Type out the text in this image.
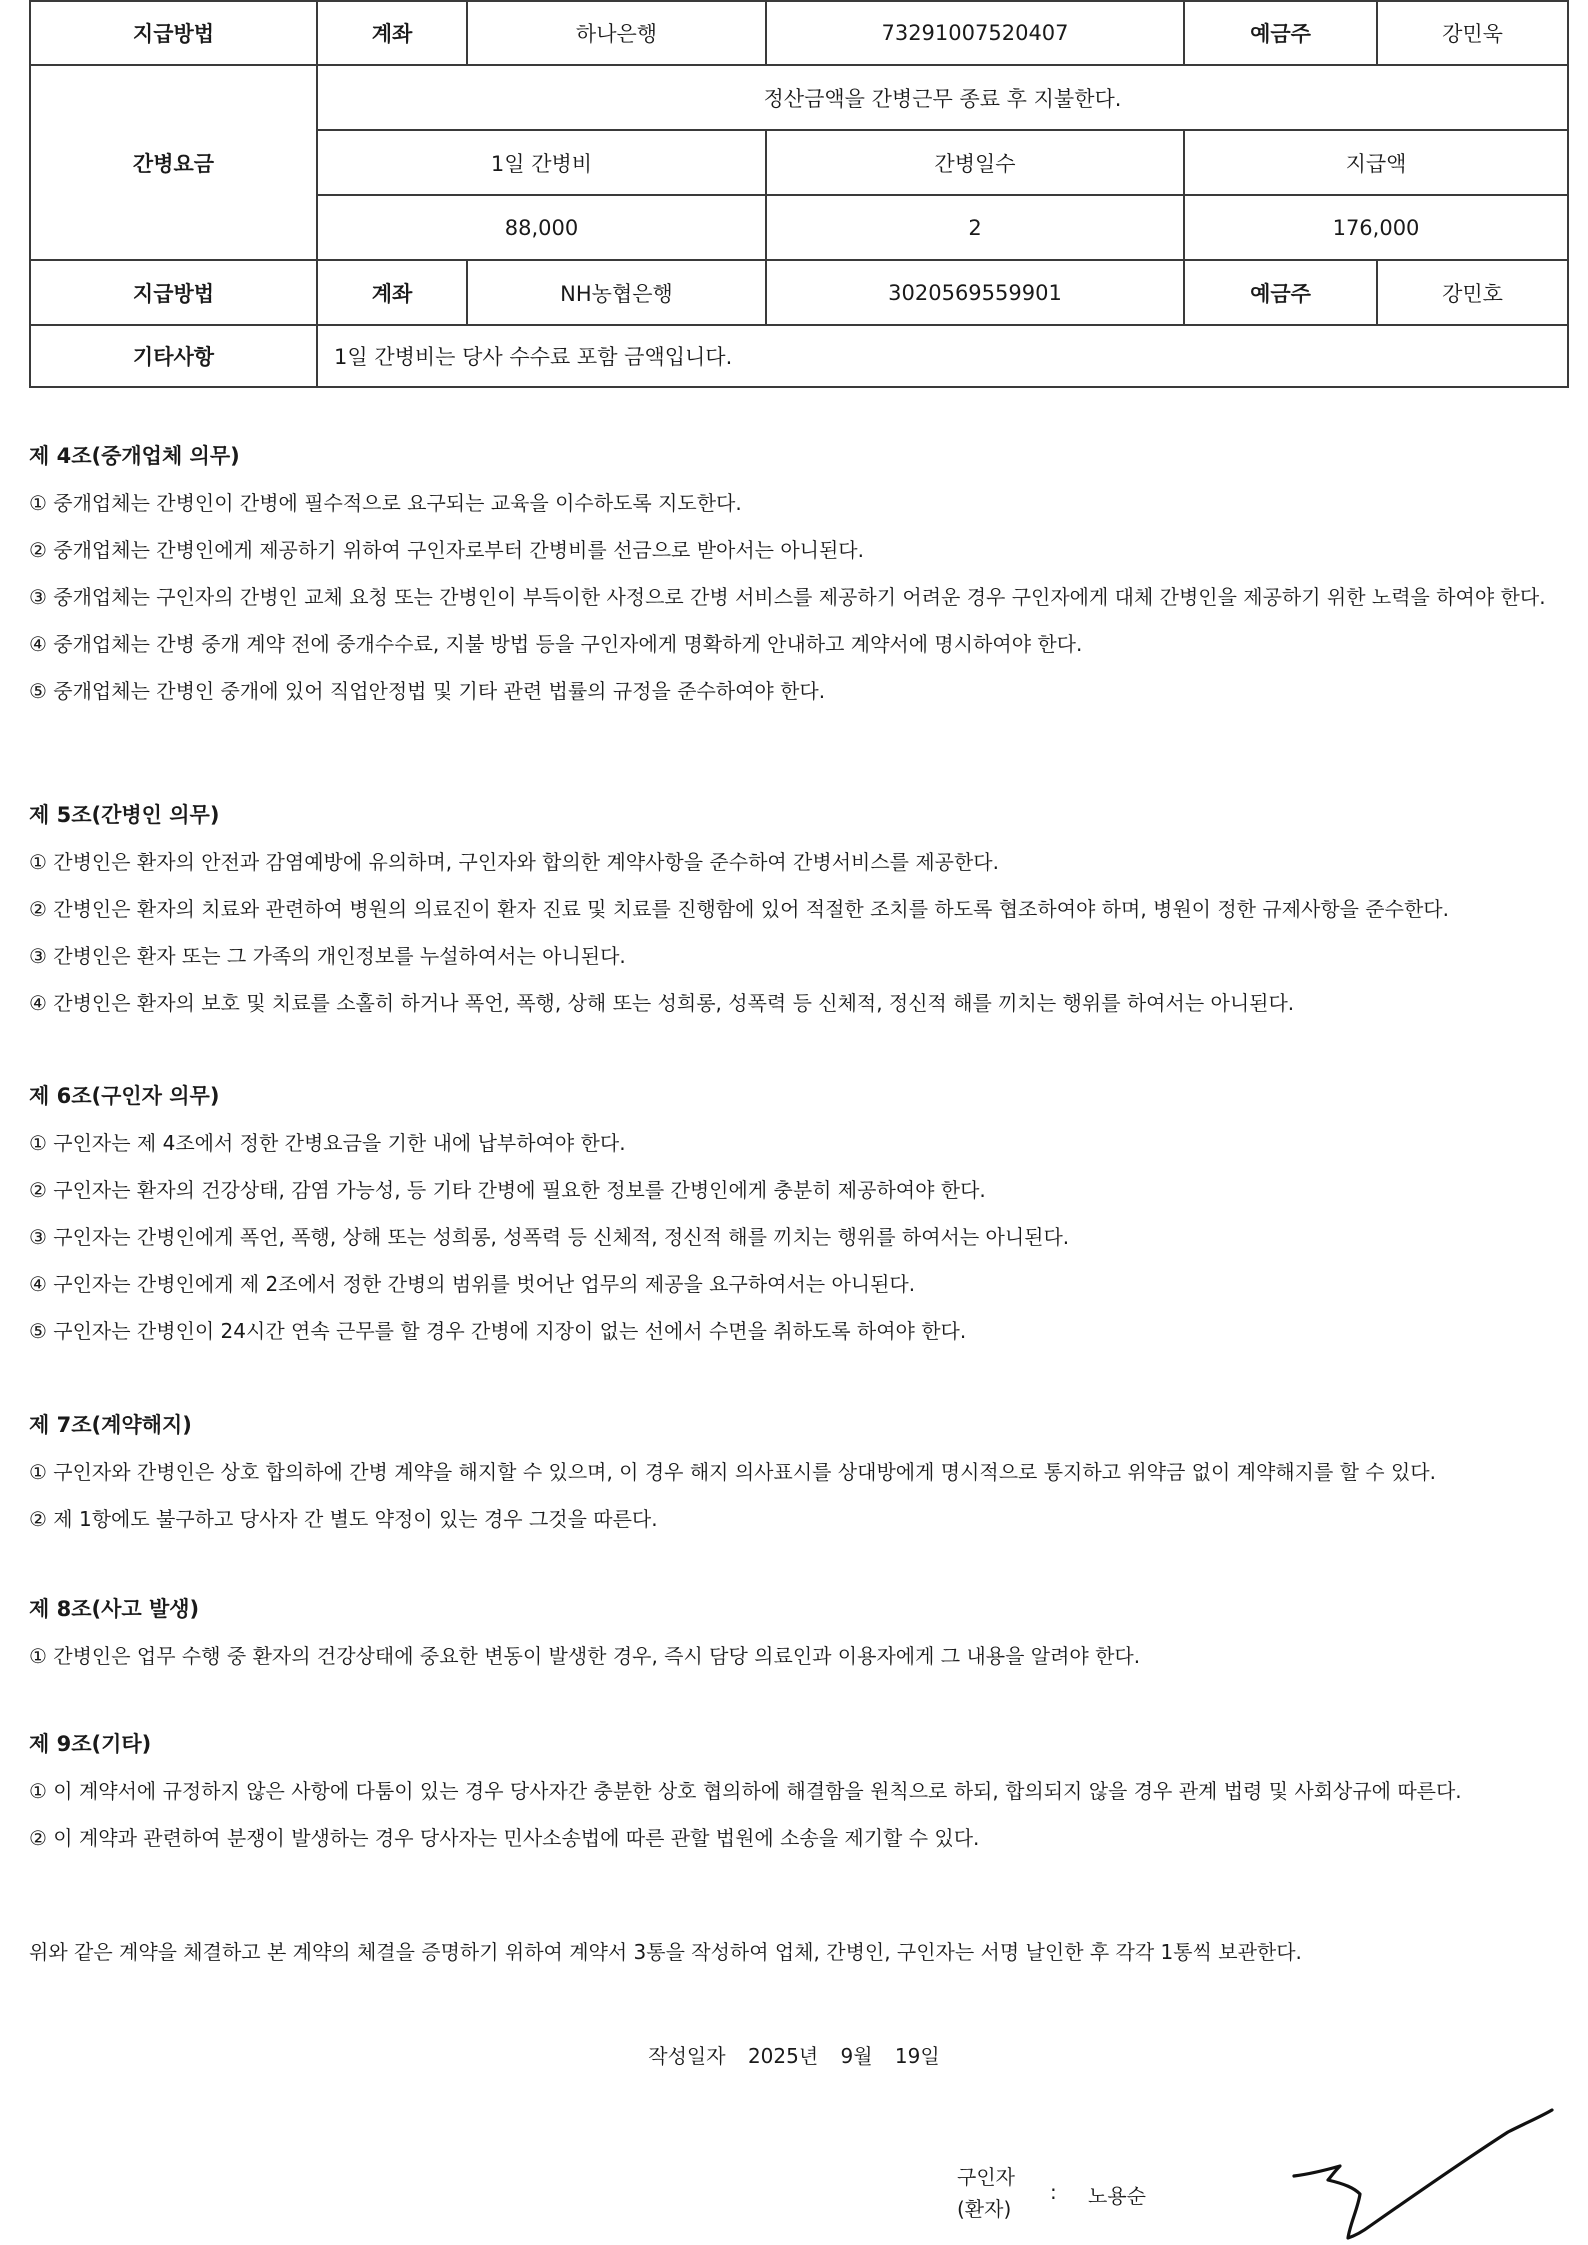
지급방법	계좌	하나은행	73291007520407	예금주	강민욱
간병요금	정산금액을 간병근무 종료 후 지불한다.				
	1일 간병비		간병일수	지급액	
	88,000		2	176,000	
지급방법	계좌	NH농협은행	3020569559901	예금주	강민호
기타사항	1일 간병비는 당사 수수료 포함 금액입니다.				
제 4조(중개업체 의무)

① 중개업체는 간병인이 간병에 필수적으로 요구되는 교육을 이수하도록 지도한다.

② 중개업체는 간병인에게 제공하기 위하여 구인자로부터 간병비를 선금으로 받아서는 아니된다.

③ 중개업체는 구인자의 간병인 교체 요청 또는 간병인이 부득이한 사정으로 간병 서비스를 제공하기 어려운 경우 구인자에게 대체 간병인을 제공하기 위한 노력을 하여야 한다.

④ 중개업체는 간병 중개 계약 전에 중개수수료, 지불 방법 등을 구인자에게 명확하게 안내하고 계약서에 명시하여야 한다.

⑤ 중개업체는 간병인 중개에 있어 직업안정법 및 기타 관련 법률의 규정을 준수하여야 한다.

제 5조(간병인 의무)

① 간병인은 환자의 안전과 감염예방에 유의하며, 구인자와 합의한 계약사항을 준수하여 간병서비스를 제공한다.

② 간병인은 환자의 치료와 관련하여 병원의 의료진이 환자 진료 및 치료를 진행함에 있어 적절한 조치를 하도록 협조하여야 하며, 병원이 정한 규제사항을 준수한다.

③ 간병인은 환자 또는 그 가족의 개인정보를 누설하여서는 아니된다.

④ 간병인은 환자의 보호 및 치료를 소홀히 하거나 폭언, 폭행, 상해 또는 성희롱, 성폭력 등 신체적, 정신적 해를 끼치는 행위를 하여서는 아니된다.

제 6조(구인자 의무)

① 구인자는 제 4조에서 정한 간병요금을 기한 내에 납부하여야 한다.

② 구인자는 환자의 건강상태, 감염 가능성, 등 기타 간병에 필요한 정보를 간병인에게 충분히 제공하여야 한다.

③ 구인자는 간병인에게 폭언, 폭행, 상해 또는 성희롱, 성폭력 등 신체적, 정신적 해를 끼치는 행위를 하여서는 아니된다.

④ 구인자는 간병인에게 제 2조에서 정한 간병의 범위를 벗어난 업무의 제공을 요구하여서는 아니된다.

⑤ 구인자는 간병인이 24시간 연속 근무를 할 경우 간병에 지장이 없는 선에서 수면을 취하도록 하여야 한다.

제 7조(계약해지)

① 구인자와 간병인은 상호 합의하에 간병 계약을 해지할 수 있으며, 이 경우 해지 의사표시를 상대방에게 명시적으로 통지하고 위약금 없이 계약해지를 할 수 있다.

② 제 1항에도 불구하고 당사자 간 별도 약정이 있는 경우 그것을 따른다.

제 8조(사고 발생)

① 간병인은 업무 수행 중 환자의 건강상태에 중요한 변동이 발생한 경우, 즉시 담당 의료인과 이용자에게 그 내용을 알려야 한다.

제 9조(기타)

① 이 계약서에 규정하지 않은 사항에 다툼이 있는 경우 당사자간 충분한 상호 협의하에 해결함을 원칙으로 하되, 합의되지 않을 경우 관계 법령 및 사회상규에 따른다.

② 이 계약과 관련하여 분쟁이 발생하는 경우 당사자는 민사소송법에 따른 관할 법원에 소송을 제기할 수 있다.

위와 같은 계약을 체결하고 본 계약의 체결을 증명하기 위하여 계약서 3통을 작성하여 업체, 간병인, 구인자는 서명 날인한 후 각각 1통씩 보관한다.

작성일자 2025년 9월 19일
구인자
(환자)
: 노용순
